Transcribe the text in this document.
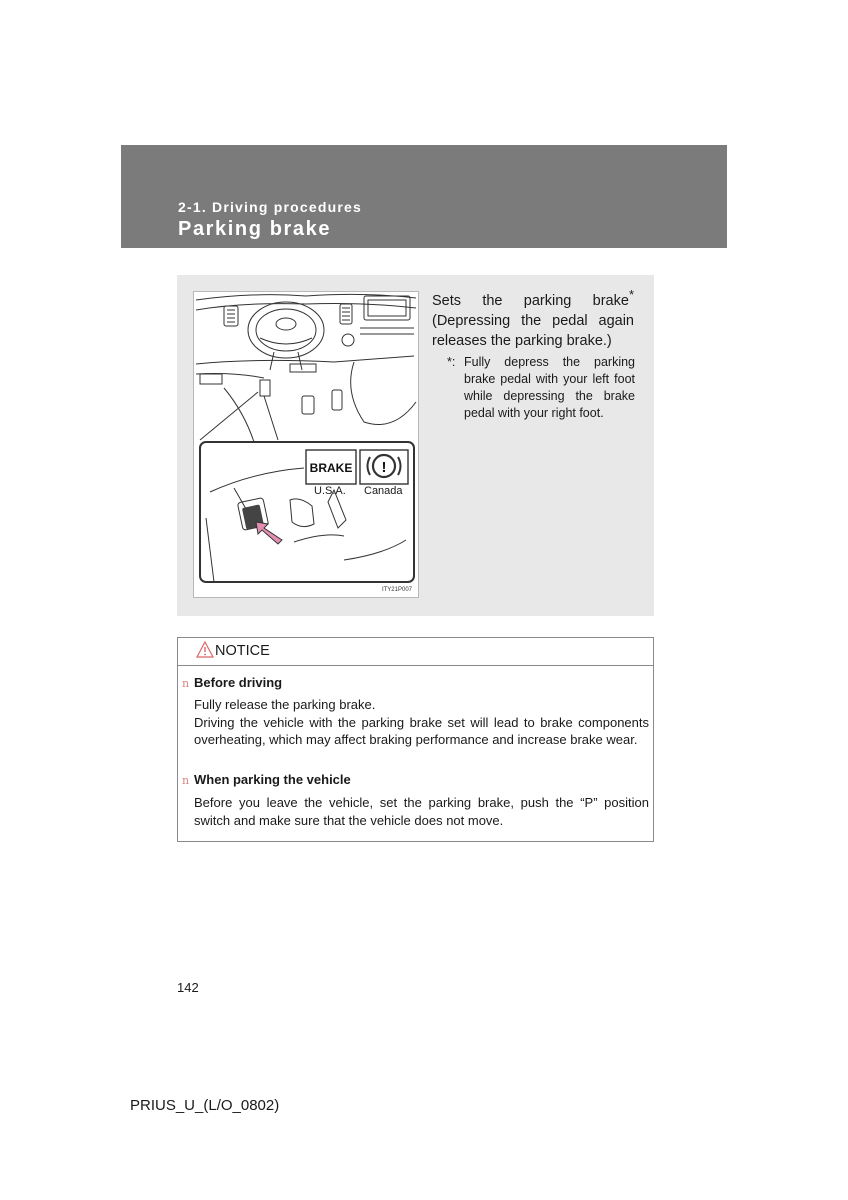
2-1. Driving procedures
Parking brake
BRAKE !
U.S.A. Canada
ITY21P007
Sets the parking brake* (Depressing the pedal again releases the parking brake.)
*: Fully depress the parking brake pedal with your left foot while depressing the brake pedal with your right foot.
NOTICE
n Before driving

Fully release the parking brake.

Driving the vehicle with the parking brake set will lead to brake components overheating, which may affect braking performance and increase brake wear.

n When parking the vehicle

Before you leave the vehicle, set the parking brake, push the “P” position switch and make sure that the vehicle does not move.

142
PRIUS_U_(L/O_0802)
